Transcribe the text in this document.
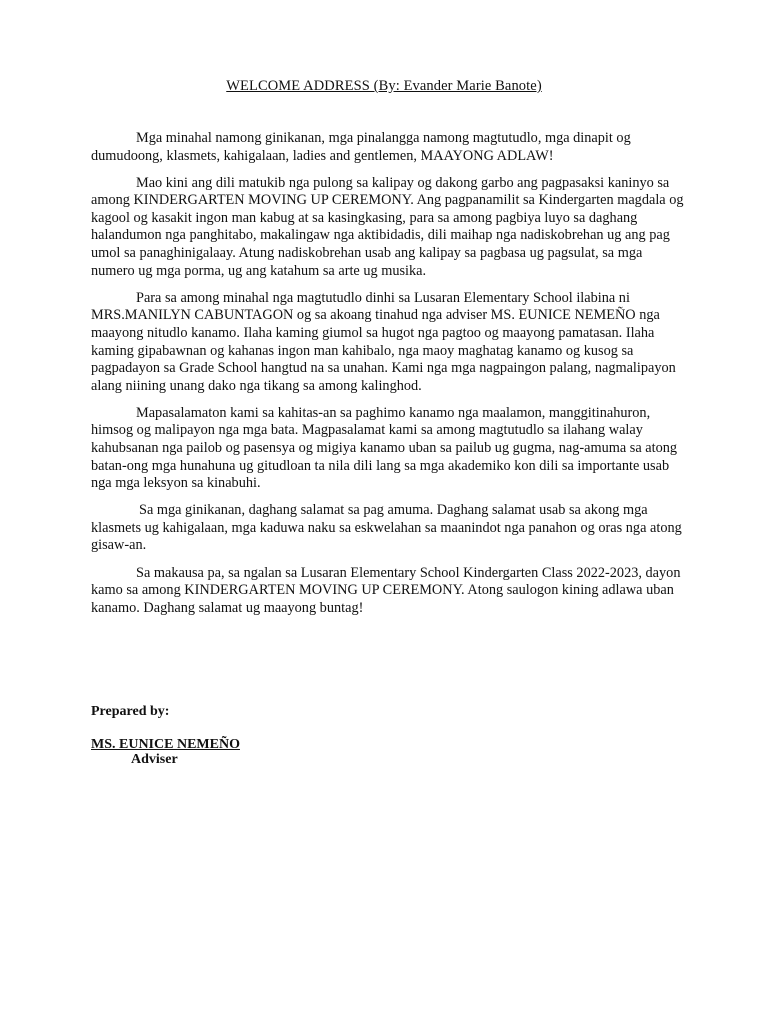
WELCOME ADDRESS (By: Evander Marie Banote)

Mga minahal namong ginikanan, mga pinalangga namong magtutudlo, mga dinapit og dumudoong, klasmets, kahigalaan, ladies and gentlemen, MAAYONG ADLAW!

Mao kini ang dili matukib nga pulong sa kalipay og dakong garbo ang pagpasaksi kaninyo sa among KINDERGARTEN MOVING UP CEREMONY. Ang pagpanamilit sa Kindergarten magdala og kagool og kasakit ingon man kabug at sa kasingkasing, para sa among pagbiya luyo sa daghang halandumon nga panghitabo, makalingaw nga aktibidadis, dili maihap nga nadiskobrehan ug ang pag umol sa panaghinigalaay. Atung nadiskobrehan usab ang kalipay sa pagbasa ug pagsulat, sa mga numero ug mga porma, ug ang katahum sa arte ug musika.

Para sa among minahal nga magtutudlo dinhi sa Lusaran Elementary School ilabina ni MRS.MANILYN CABUNTAGON og sa akoang tinahud nga adviser MS. EUNICE NEMEÑO nga maayong nitudlo kanamo. Ilaha kaming giumol sa hugot nga pagtoo og maayong pamatasan. Ilaha kaming gipabawnan og kahanas ingon man kahibalo, nga maoy maghatag kanamo og kusog sa pagpadayon sa Grade School hangtud na sa unahan. Kami nga mga nagpaingon palang, nagmalipayon alang niining unang dako nga tikang sa among kalinghod.

Mapasalamaton kami sa kahitas-an sa paghimo kanamo nga maalamon, manggitinahuron, himsog og malipayon nga mga bata. Magpasalamat kami sa among magtutudlo sa ilahang walay kahubsanan nga pailob og pasensya og migiya kanamo uban sa pailub ug gugma, nag-amuma sa atong batan-ong mga hunahuna ug gitudloan ta nila dili lang sa mga akademiko kon dili sa importante usab nga mga leksyon sa kinabuhi.

Sa mga ginikanan, daghang salamat sa pag amuma. Daghang salamat usab sa akong mga klasmets ug kahigalaan, mga kaduwa naku sa eskwelahan sa maanindot nga panahon og oras nga atong gisaw-an.

Sa makausa pa, sa ngalan sa Lusaran Elementary School Kindergarten Class 2022-2023, dayon kamo sa among KINDERGARTEN MOVING UP CEREMONY. Atong saulogon kining adlawa uban kanamo. Daghang salamat ug maayong buntag!

Prepared by:
MS. EUNICE NEMEÑO
Adviser
